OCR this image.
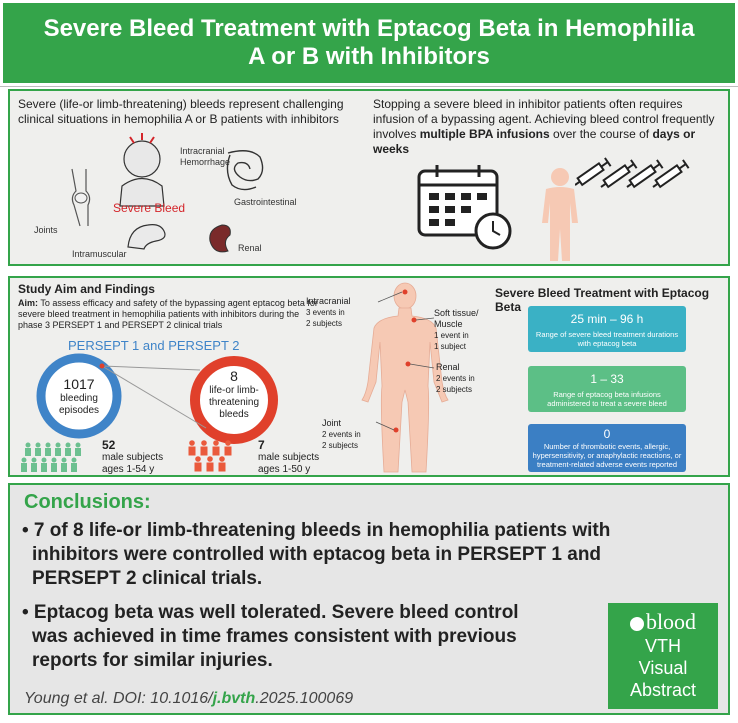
Severe Bleed Treatment with Eptacog Beta in Hemophilia
A or B with Inhibitors
Severe (life-or limb-threatening) bleeds represent challenging clinical situations in hemophilia A or B patients with inhibitors
Stopping a severe bleed in inhibitor patients often requires infusion of a bypassing agent. Achieving bleed control frequently involves multiple BPA infusions over the course of days or weeks
Intracranial
Hemorrhage
Gastrointestinal
Severe Bleed
Joints
Renal
Intramuscular
Study Aim and Findings
Aim: To assess efficacy and safety of the bypassing agent eptacog beta for severe bleed treatment in hemophilia patients with inhibitors during the phase 3 PERSEPT 1 and PERSEPT 2 clinical trials
PERSEPT 1 and PERSEPT 2
1017
bleeding
episodes
8
life-or limb-
threatening
bleeds
52
male subjects
ages 1-54 y
7
male subjects
ages 1-50 y
Intracranial
3 events in
2 subjects
Soft tissue/
Muscle
1 event in
1 subject
Renal
2 events in
2 subjects
Joint
2 events in
2 subjects
Severe Bleed Treatment with Eptacog Beta
25 min – 96 h
Range of severe bleed treatment durations with eptacog beta
1 – 33
Range of eptacog beta infusions administered to treat a severe bleed
0
Number of thrombotic events, allergic, hypersensitivity, or anaphylactic reactions, or treatment-related adverse events reported
Conclusions:
• 7 of 8 life-or limb-threatening bleeds in hemophilia patients with
inhibitors were controlled with eptacog beta in PERSEPT 1 and
PERSEPT 2 clinical trials.
• Eptacog beta was well tolerated. Severe bleed control
was achieved in time frames consistent with previous
reports for similar injuries.
Young et al. DOI: 10.1016/j.bvth.2025.100069
blood
VTH
Visual
Abstract
